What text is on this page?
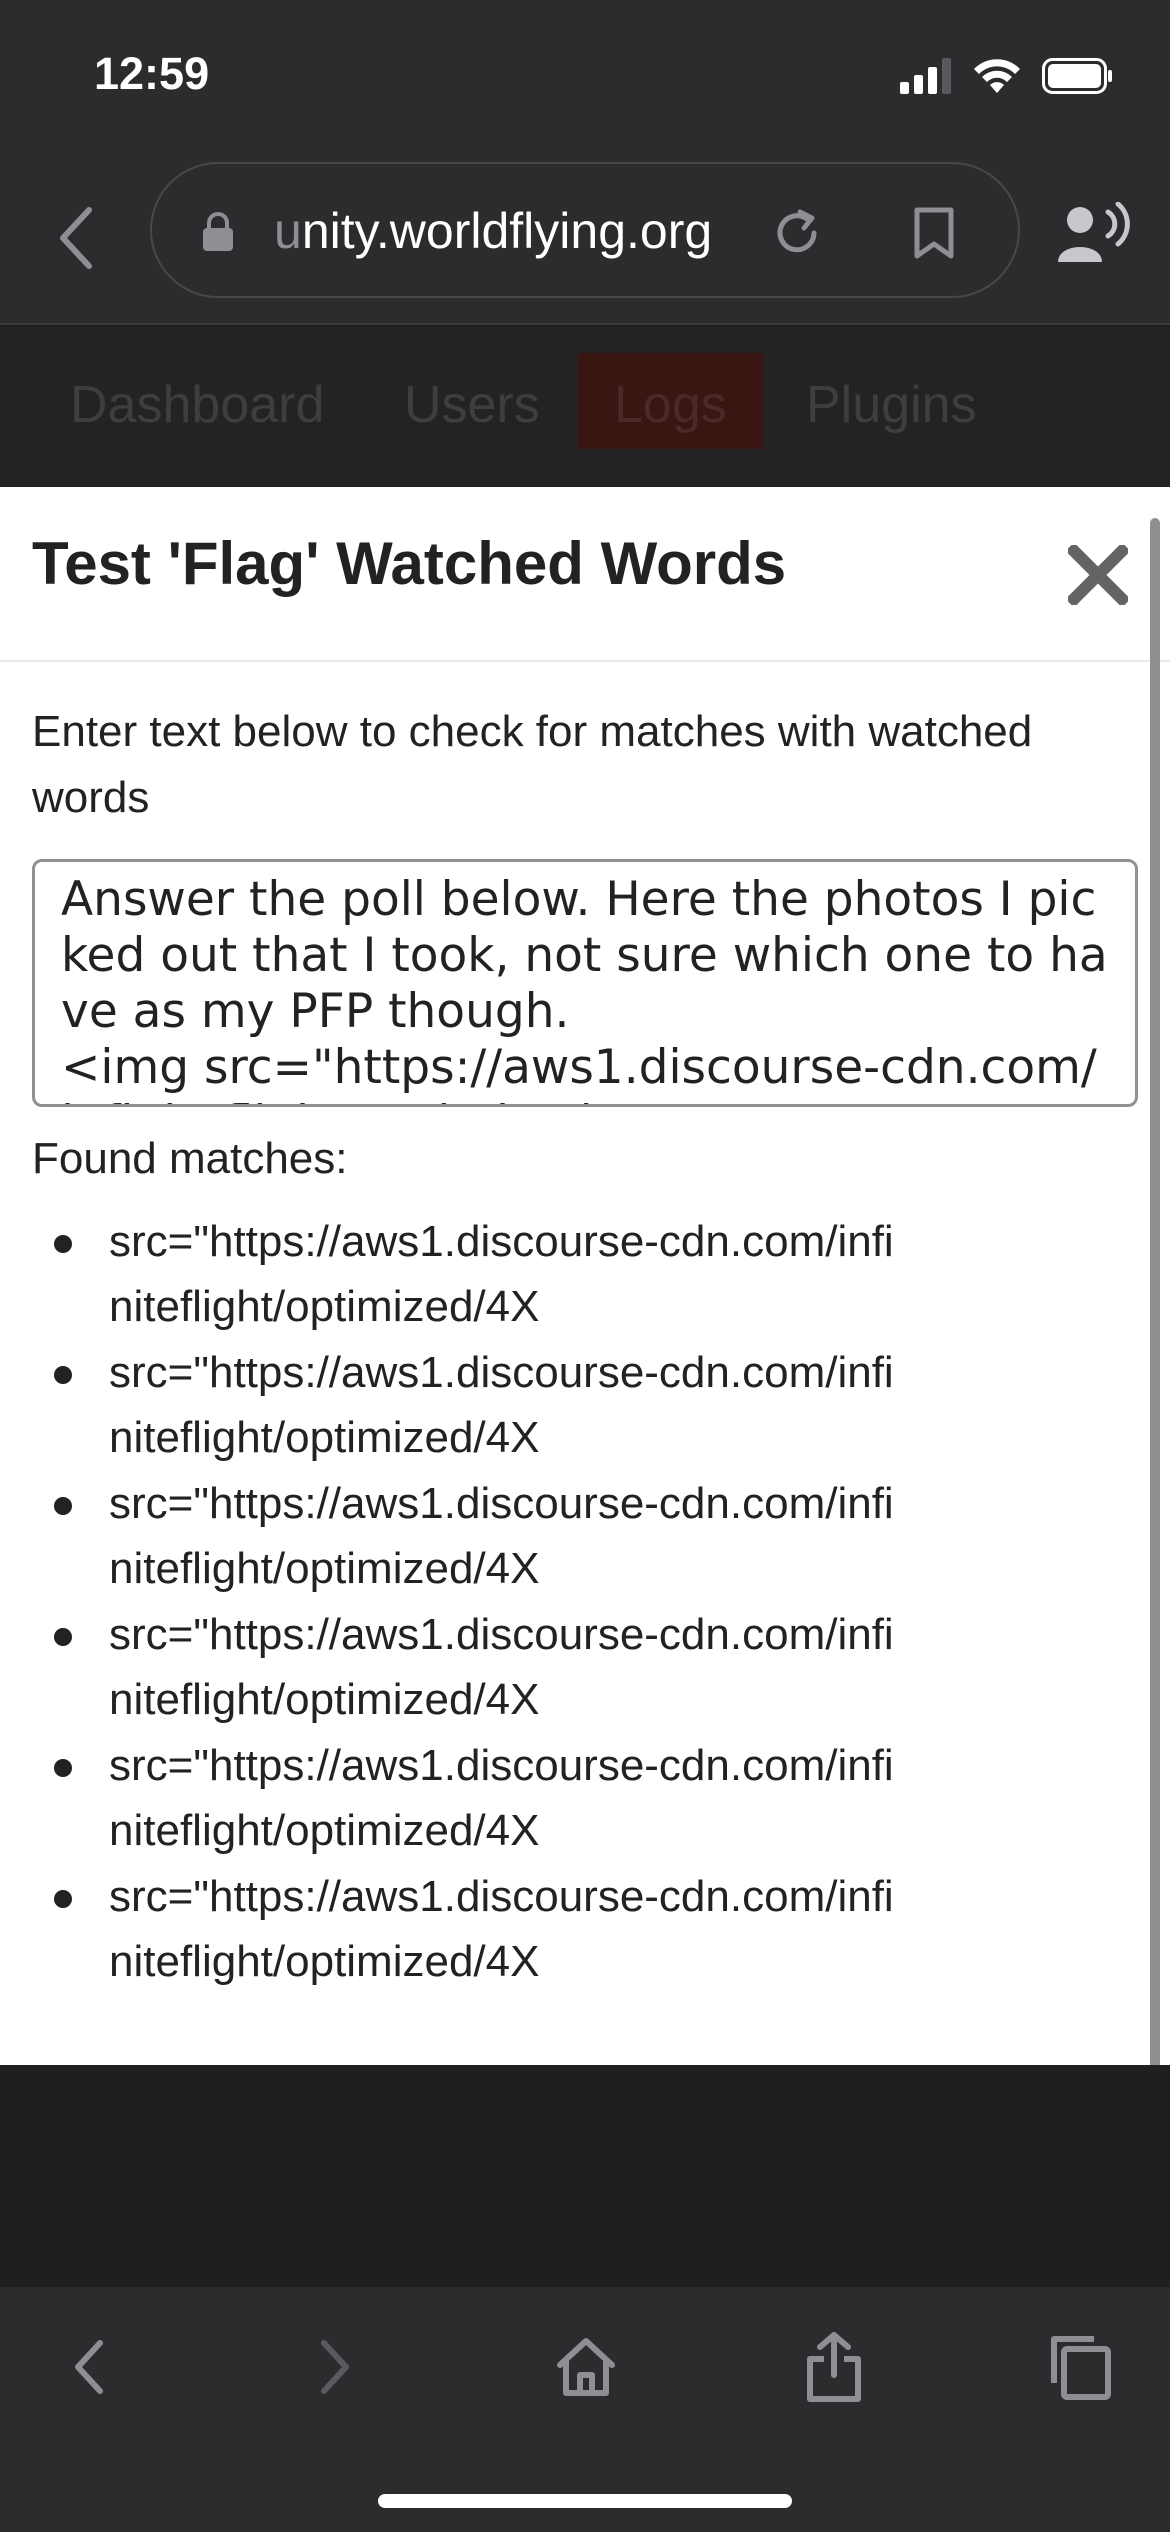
12:59
unity.worldflying.org
Dashboard	Users	Logs	Plugins
Test 'Flag' Watched Words
Enter text below to check for matches with watched words
Answer the poll below. Here the photos I picked out that I took, not sure which one to have as my PFP though. <img src="https://aws1.discourse-cdn.com/infiniteflight/optimized/4X/a/4/4/a44
Found matches:
src="https://aws1.discourse-cdn.com/infiniteflight/optimized/4X
src="https://aws1.discourse-cdn.com/infiniteflight/optimized/4X
src="https://aws1.discourse-cdn.com/infiniteflight/optimized/4X
src="https://aws1.discourse-cdn.com/infiniteflight/optimized/4X
src="https://aws1.discourse-cdn.com/infiniteflight/optimized/4X
src="https://aws1.discourse-cdn.com/infiniteflight/optimized/4X
